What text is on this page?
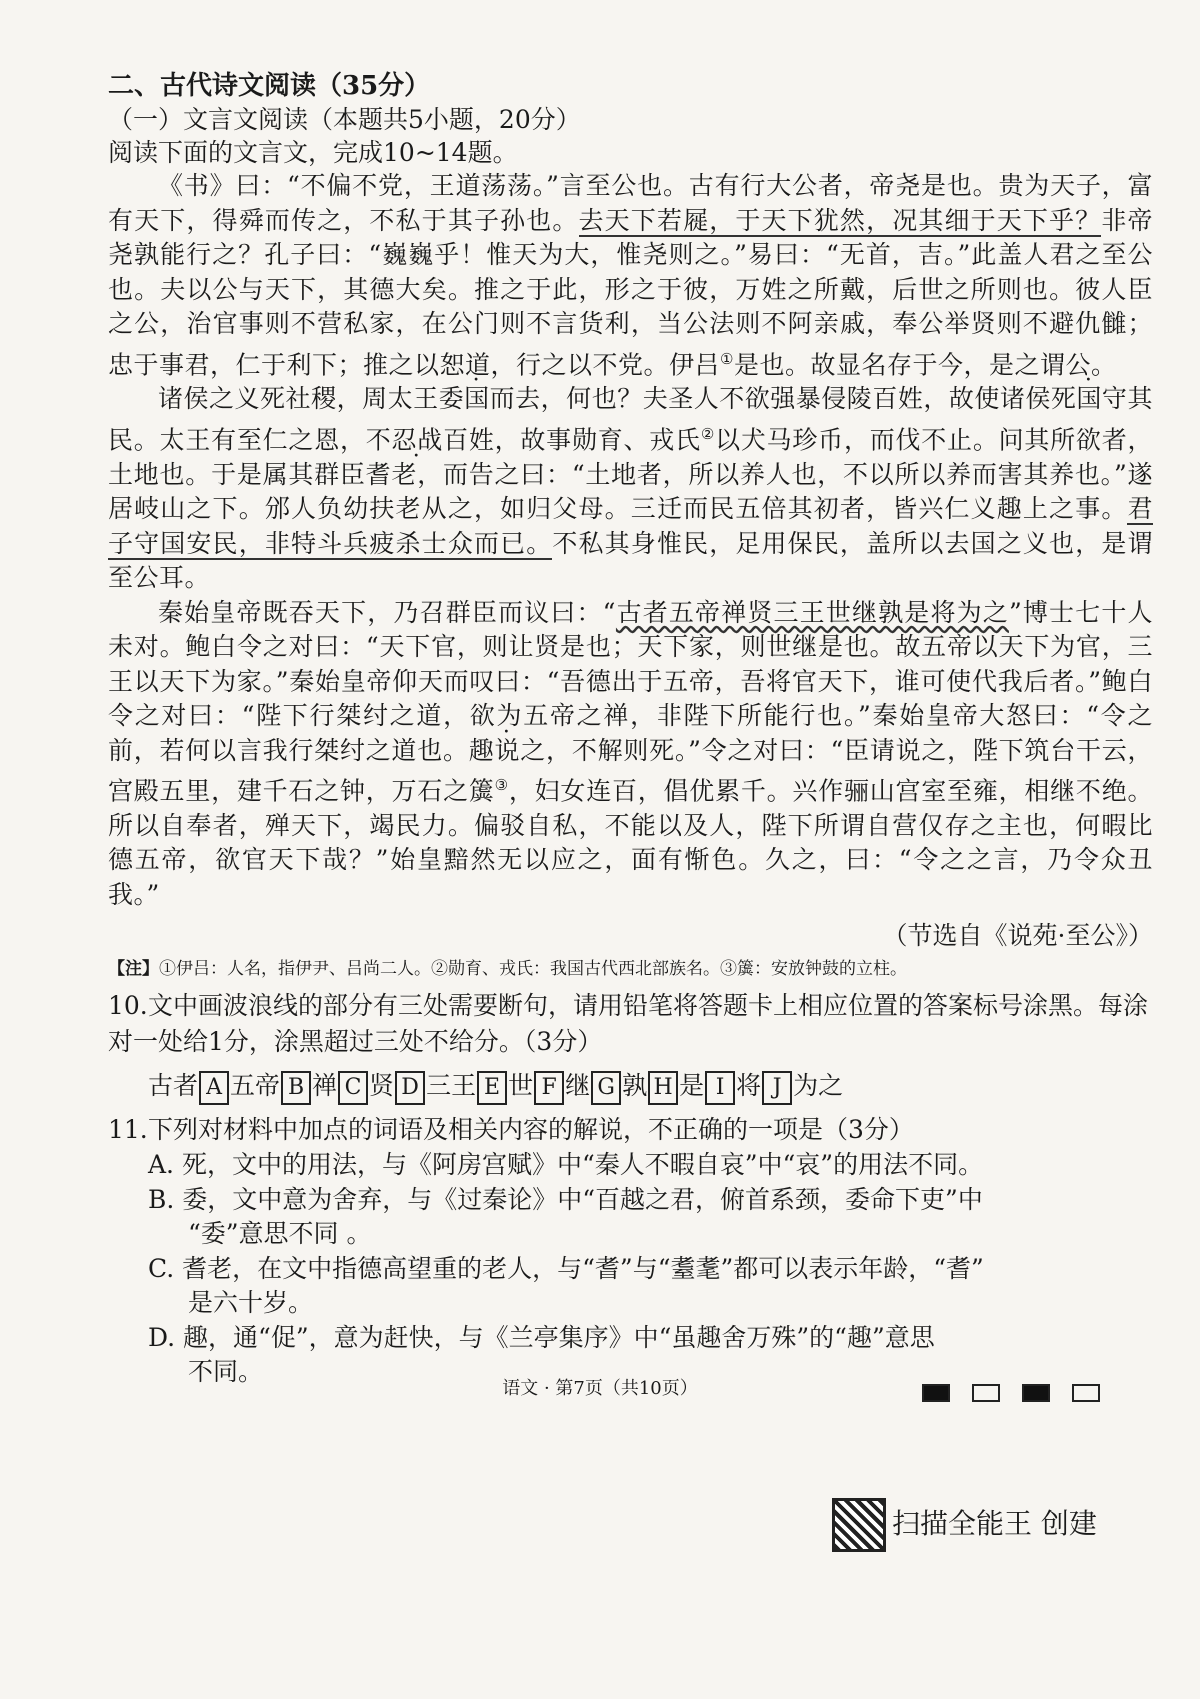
二、古代诗文阅读（35分）

（一）文言文阅读（本题共5小题，20分）

阅读下面的文言文，完成10~14题。

《书》曰：“不偏不党，王道荡荡。”言至公也。古有行大公者，帝尧是也。贵为天子，富有天下，得舜而传之，不私于其子孙也。去天下若屣，于天下犹然，况其细于天下乎？非帝尧孰能行之？孔子曰：“巍巍乎！惟天为大，惟尧则之。”易曰：“无首，吉。”此盖人君之至公也。夫以公与天下，其德大矣。推之于此，形之于彼，万姓之所戴，后世之所则也。彼人臣之公，治官事则不营私家，在公门则不言货利，当公法则不阿亲戚，奉公举贤则不避仇雠；忠于事君，仁于利下；推之以恕道，行之以不党。伊吕①是也。故显名存于今，是之谓公。

诸侯之义死社稷，周太王委国而去，何也？夫圣人不欲强暴侵陵百姓，故使诸侯死国守其民。太王有至仁之恩，不忍战百姓，故事勋育、戎氏②以犬马珍币，而伐不止。问其所欲者，土地也。于是属其群臣耆老，而告之曰：“土地者，所以养人也，不以所以养而害其养也。”遂居岐山之下。邠人负幼扶老从之，如归父母。三迁而民五倍其初者，皆兴仁义趣上之事。君子守国安民，非特斗兵疲杀士众而已。不私其身惟民，足用保民，盖所以去国之义也，是谓至公耳。

秦始皇帝既吞天下，乃召群臣而议曰：“古者五帝禅贤三王世继孰是将为之”博士七十人未对。鲍白令之对曰：“天下官，则让贤是也；天下家，则世继是也。故五帝以天下为官，三王以天下为家。”秦始皇帝仰天而叹曰：“吾德出于五帝，吾将官天下，谁可使代我后者。”鲍白令之对曰：“陛下行桀纣之道，欲为五帝之禅，非陛下所能行也。”秦始皇帝大怒曰：“令之前，若何以言我行桀纣之道也。趣说之，不解则死。”令之对曰：“臣请说之，陛下筑台干云，宫殿五里，建千石之钟，万石之簴③，妇女连百，倡优累千。兴作骊山宫室至雍，相继不绝。所以自奉者，殚天下，竭民力。偏驳自私，不能以及人，陛下所谓自营仅存之主也，何暇比德五帝，欲官天下哉？”始皇黯然无以应之，面有惭色。久之，曰：“令之之言，乃令众丑我。”

（节选自《说苑·至公》）

【注】①伊吕：人名，指伊尹、吕尚二人。②勋育、戎氏：我国古代西北部族名。③簴：安放钟鼓的立柱。

10.文中画波浪线的部分有三处需要断句，请用铅笔将答题卡上相应位置的答案标号涂黑。每涂对一处给1分，涂黑超过三处不给分。（3分）

古者 A 五帝 B 禅 C 贤 D 三王 E 世 F 继 G 孰 H 是 I 将 J 为之

11.下列对材料中加点的词语及相关内容的解说，不正确的一项是（3分）

A. 死，文中的用法，与《阿房宫赋》中“秦人不暇自哀”中“哀”的用法不同。

B. 委，文中意为舍弃，与《过秦论》中“百越之君，俯首系颈，委命下吏”中

“委”意思不同 。

C. 耆老，在文中指德高望重的老人，与“耆”与“耋耄”都可以表示年龄，“耆”

是六十岁。

D. 趣，通“促”，意为赶快，与《兰亭集序》中“虽趣舍万殊”的“趣”意思

不同。

语文 · 第7页（共10页）
扫描全能王 创建
